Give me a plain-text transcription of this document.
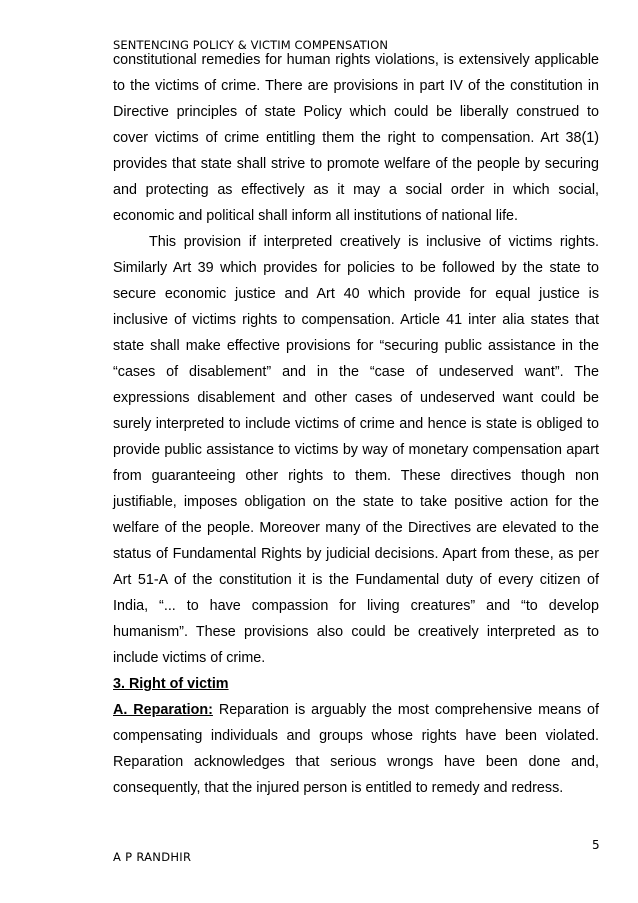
SENTENCING POLICY & VICTIM COMPENSATION

constitutional remedies for human rights violations, is extensively applicable to the victims of crime. There are provisions in part IV of the constitution in Directive principles of state Policy which could be liberally construed to cover victims of crime entitling them the right to compensation. Art 38(1) provides that state shall strive to promote welfare of the people by securing and protecting as effectively as it may a social order in which social, economic and political shall inform all institutions of national life.

This provision if interpreted creatively is inclusive of victims rights. Similarly Art 39 which provides for policies to be followed by the state to secure economic justice and Art 40 which provide for equal justice is inclusive of victims rights to compensation. Article 41 inter alia states that state shall make effective provisions for “securing public assistance in the “cases of disablement” and in the “case of undeserved want”. The expressions disablement and other cases of undeserved want could be surely interpreted to include victims of crime and hence is state is obliged to provide public assistance to victims by way of monetary compensation apart from guaranteeing other rights to them. These directives though non justifiable, imposes obligation on the state to take positive action for the welfare of the people. Moreover many of the Directives are elevated to the status of Fundamental Rights by judicial decisions. Apart from these, as per Art 51-A of the constitution it is the Fundamental duty of every citizen of India, “... to have compassion for living creatures” and “to develop humanism”. These provisions also could be creatively interpreted as to include victims of crime.

3. Right of victim

A. Reparation: Reparation is arguably the most comprehensive means of compensating individuals and groups whose rights have been violated. Reparation acknowledges that serious wrongs have been done and, consequently, that the injured person is entitled to remedy and redress.

5
A P RANDHIR
